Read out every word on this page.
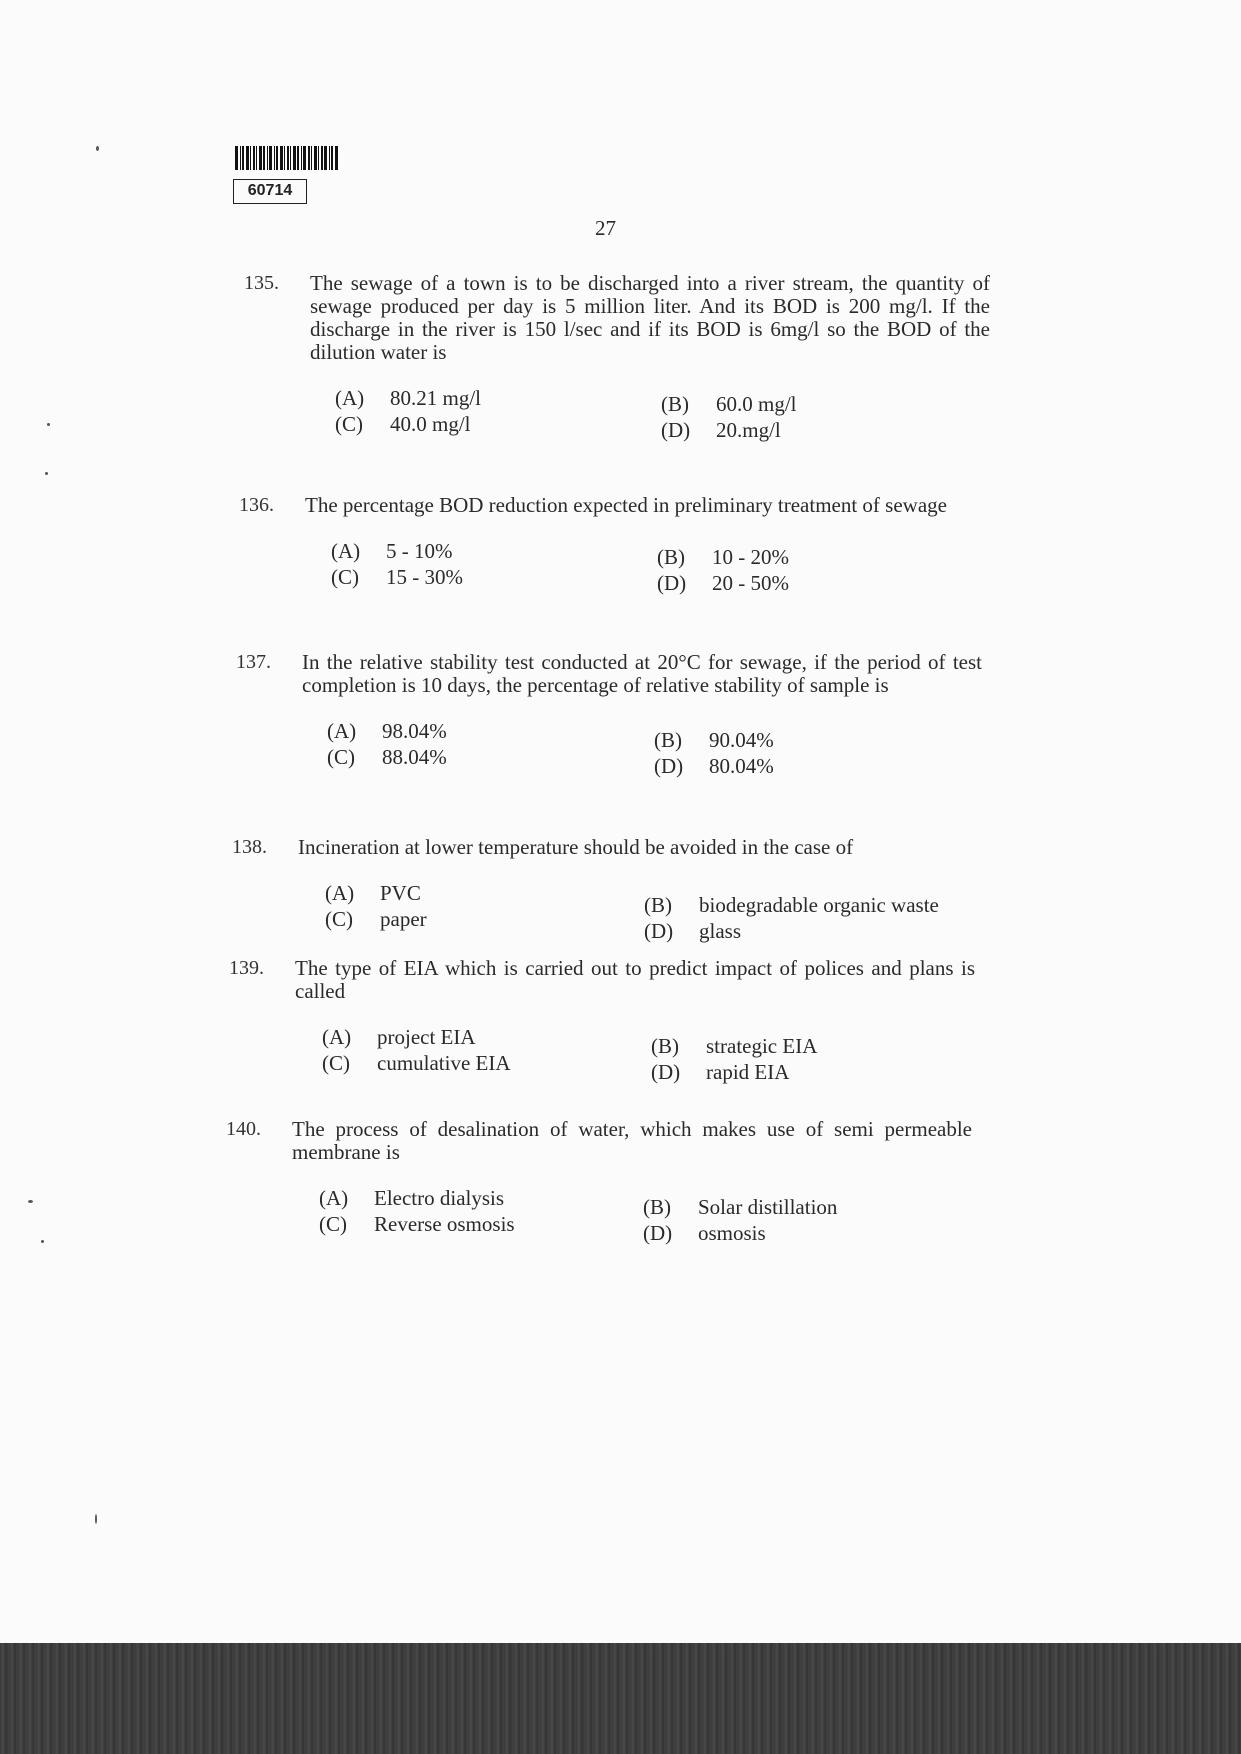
60714
27
135. The sewage of a town is to be discharged into a river stream, the quantity of sewage produced per day is 5 million liter. And its BOD is 200 mg/l. If the discharge in the river is 150 l/sec and if its BOD is 6mg/l so the BOD of the dilution water is

(A) 80.21 mg/l	(B) 60.0 mg/l
(C) 40.0 mg/l	(D) 20.mg/l
136. The percentage BOD reduction expected in preliminary treatment of sewage

(A) 5 - 10%	(B) 10 - 20%
(C) 15 - 30%	(D) 20 - 50%
137. In the relative stability test conducted at 20°C for sewage, if the period of test completion is 10 days, the percentage of relative stability of sample is

(A) 98.04%	(B) 90.04%
(C) 88.04%	(D) 80.04%
138. Incineration at lower temperature should be avoided in the case of

(A) PVC	(B) biodegradable organic waste
(C) paper	(D) glass
139. The type of EIA which is carried out to predict impact of polices and plans is called

(A) project EIA	(B) strategic EIA
(C) cumulative EIA	(D) rapid EIA
140. The process of desalination of water, which makes use of semi permeable membrane is

(A) Electro dialysis	(B) Solar distillation
(C) Reverse osmosis	(D) osmosis
